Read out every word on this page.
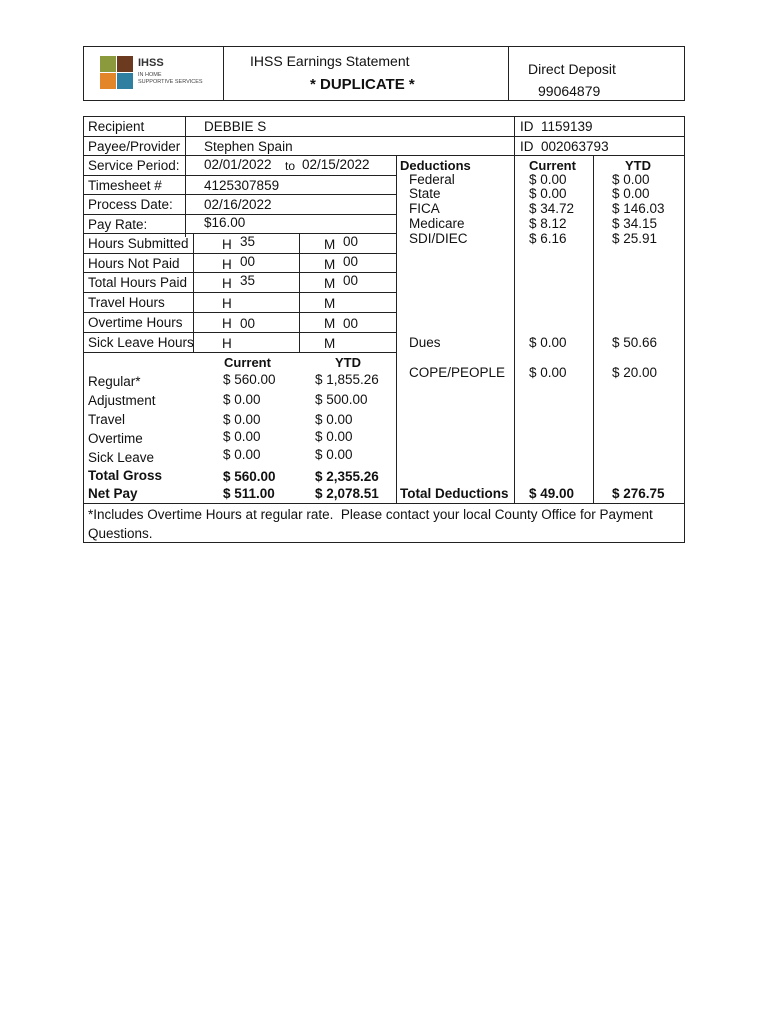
IHSS
IN HOME
SUPPORTIVE SERVICES
IHSS Earnings Statement
* DUPLICATE *
Direct Deposit
99064879
Recipient	DEBBIE S	ID  1159139
Payee/Provider Stephen Spain	ID  002063793
Service Period: 02/01/2022 to 02/15/2022
Timesheet #	4125307859
Process Date: 02/16/2022
Pay Rate:	$16.00
Hours Submitted H 35	M 00
Hours Not Paid	H 00	M 00
Total Hours Paid	H 35	M 00
Travel Hours	H	M
Overtime Hours	H 00	M 00
Sick Leave Hours H	M
Current	YTD
Regular*	$ 560.00	$ 1,855.26
Adjustment	$ 0.00	$ 500.00
Travel	$ 0.00	$ 0.00
Overtime	$ 0.00	$ 0.00
Sick Leave	$ 0.00	$ 0.00
Total Gross	$ 560.00	$ 2,355.26
Net Pay	$ 511.00	$ 2,078.51
Deductions	Current	YTD
Federal	$ 0.00	$ 0.00
State	$ 0.00	$ 0.00
FICA	$ 34.72	$ 146.03
Medicare	$ 8.12	$ 34.15
SDI/DIEC	$ 6.16	$ 25.91
Dues	$ 0.00	$ 50.66
COPE/PEOPLE $ 0.00	$ 20.00
Total Deductions $ 49.00	$ 276.75
*Includes Overtime Hours at regular rate.  Please contact your local County Office for Payment
Questions.
